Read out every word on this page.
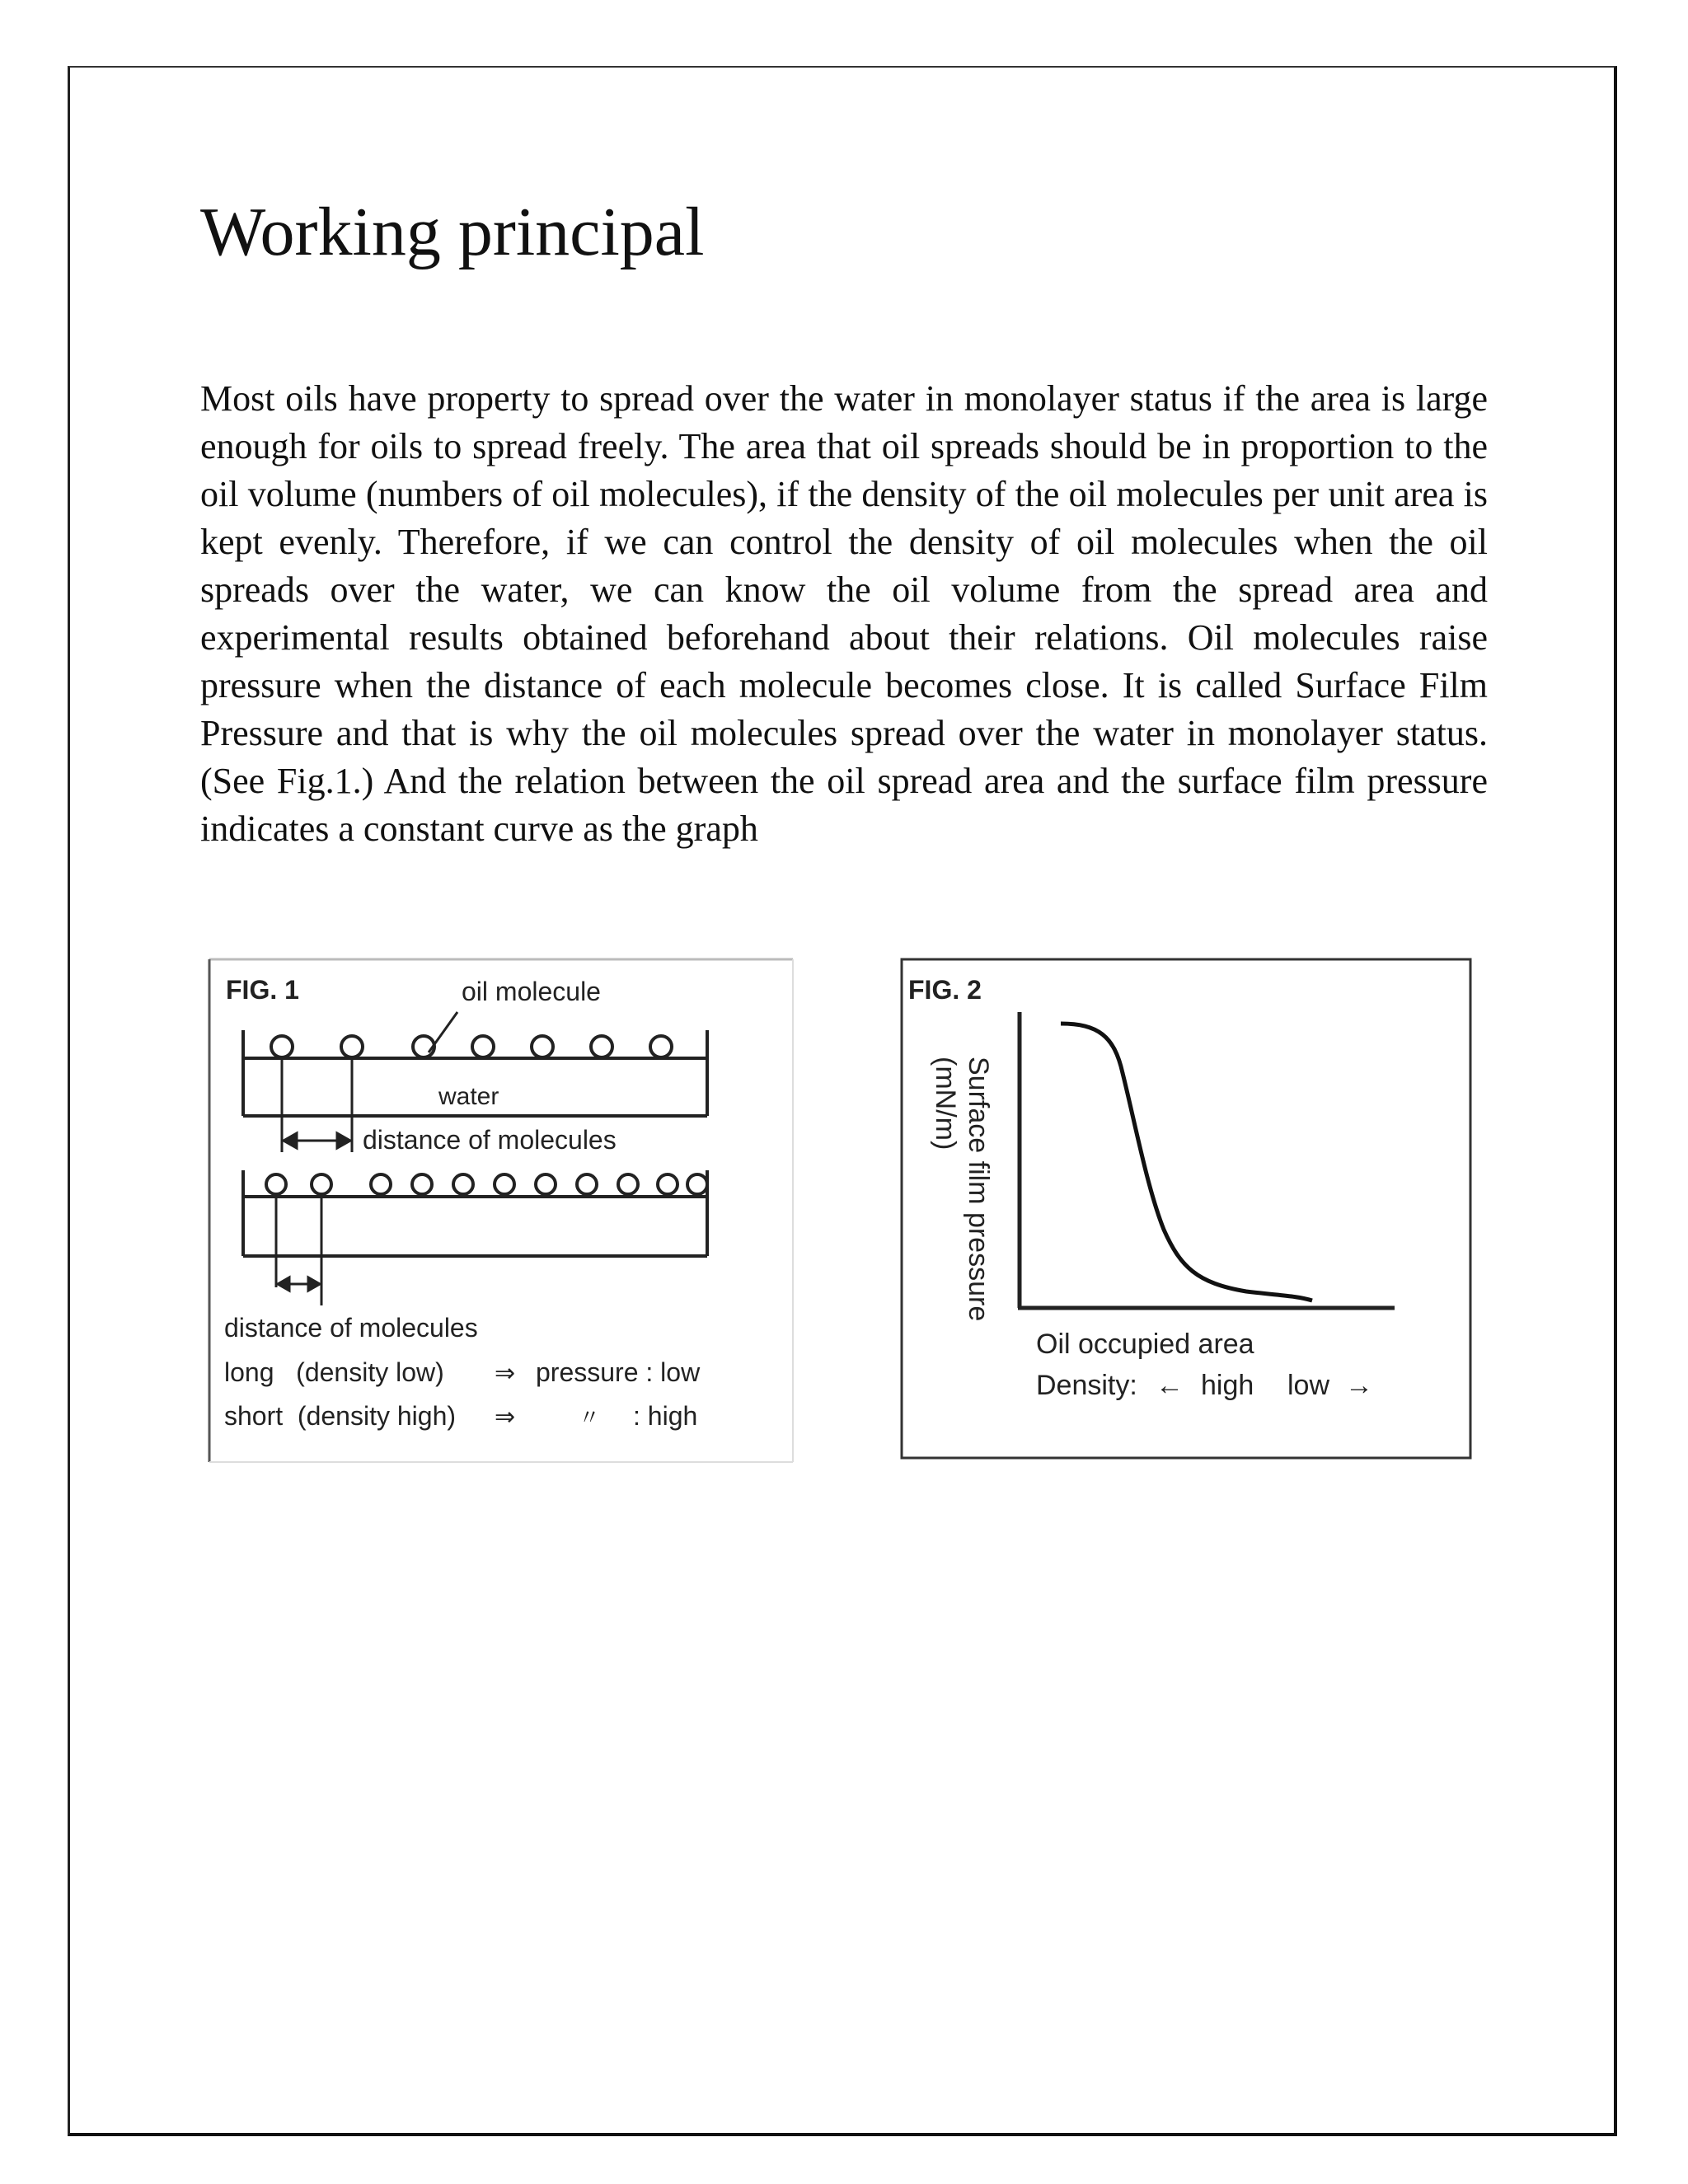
Working principal

Most oils have property to spread over the water in monolayer status if the area is large enough for oils to spread freely. The area that oil spreads should be in proportion to the oil volume (numbers of oil molecules), if the density of the oil molecules per unit area is kept evenly. Therefore, if we can control the density of oil molecules when the oil spreads over the water, we can know the oil volume from the spread area and experimental results obtained beforehand about their relations. Oil molecules raise pressure when the distance of each molecule becomes close. It is called Surface Film Pressure and that is why the oil molecules spread over the water in monolayer status. (See Fig.1.) And the relation between the oil spread area and the surface film pressure indicates a constant curve as the graph

FIG. 1	oil molecule
water
distance of molecules
distance of molecules
long   (density low) ⇒ pressure : low
short  (density high) ⇒	〃 : high
FIG. 2
Surface film pressure
(mN/m)
Oil occupied area
Density: ← high low →
